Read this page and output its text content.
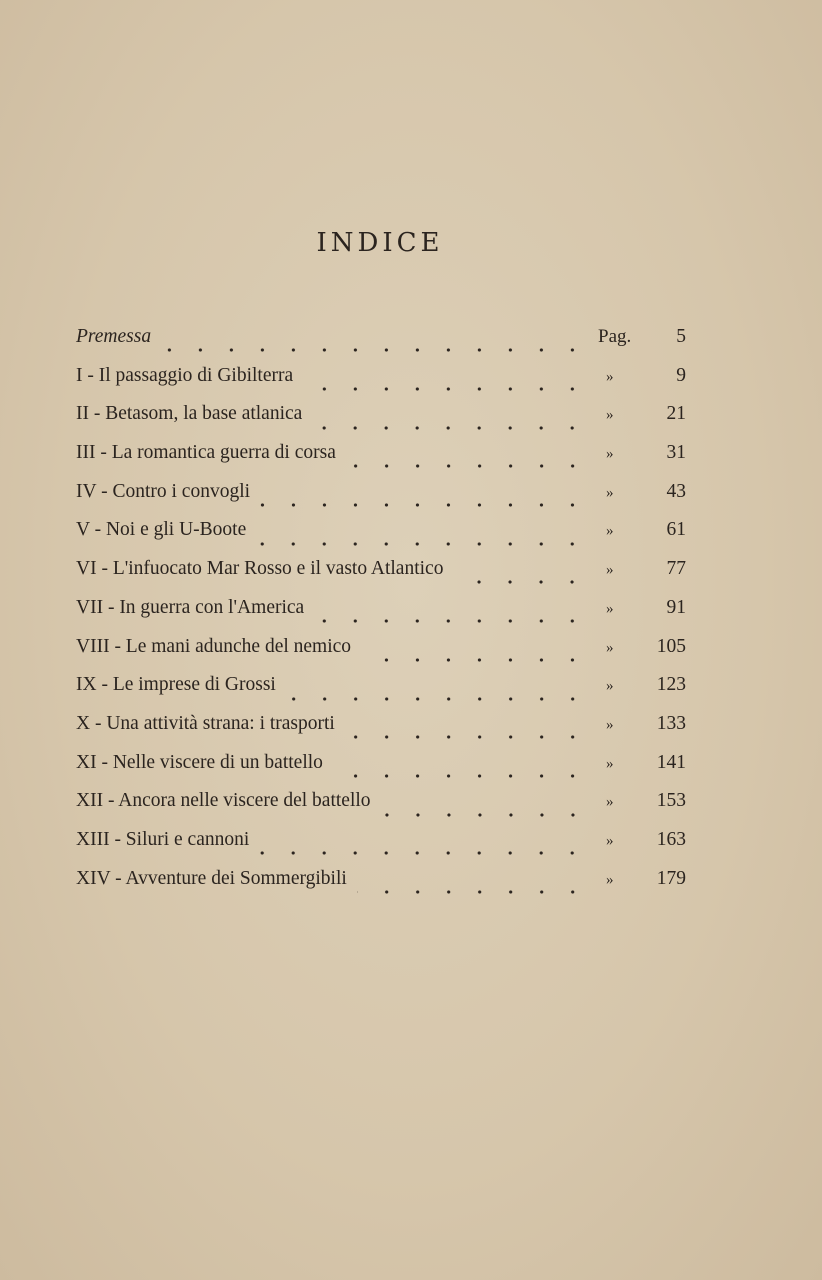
INDICE
Premessa	Pag.	5
I - Il passaggio di Gibilterra	»	9
II - Betasom, la base atlanica	»	21
III - La romantica guerra di corsa	»	31
IV - Contro i convogli	»	43
V - Noi e gli U-Boote	»	61
VI - L'infuocato Mar Rosso e il vasto Atlantico	»	77
VII - In guerra con l'America	»	91
VIII - Le mani adunche del nemico	»	105
IX - Le imprese di Grossi	»	123
X - Una attività strana: i trasporti	»	133
XI - Nelle viscere di un battello	»	141
XII - Ancora nelle viscere del battello	»	153
XIII - Siluri e cannoni	»	163
XIV - Avventure dei Sommergibili	»	179
